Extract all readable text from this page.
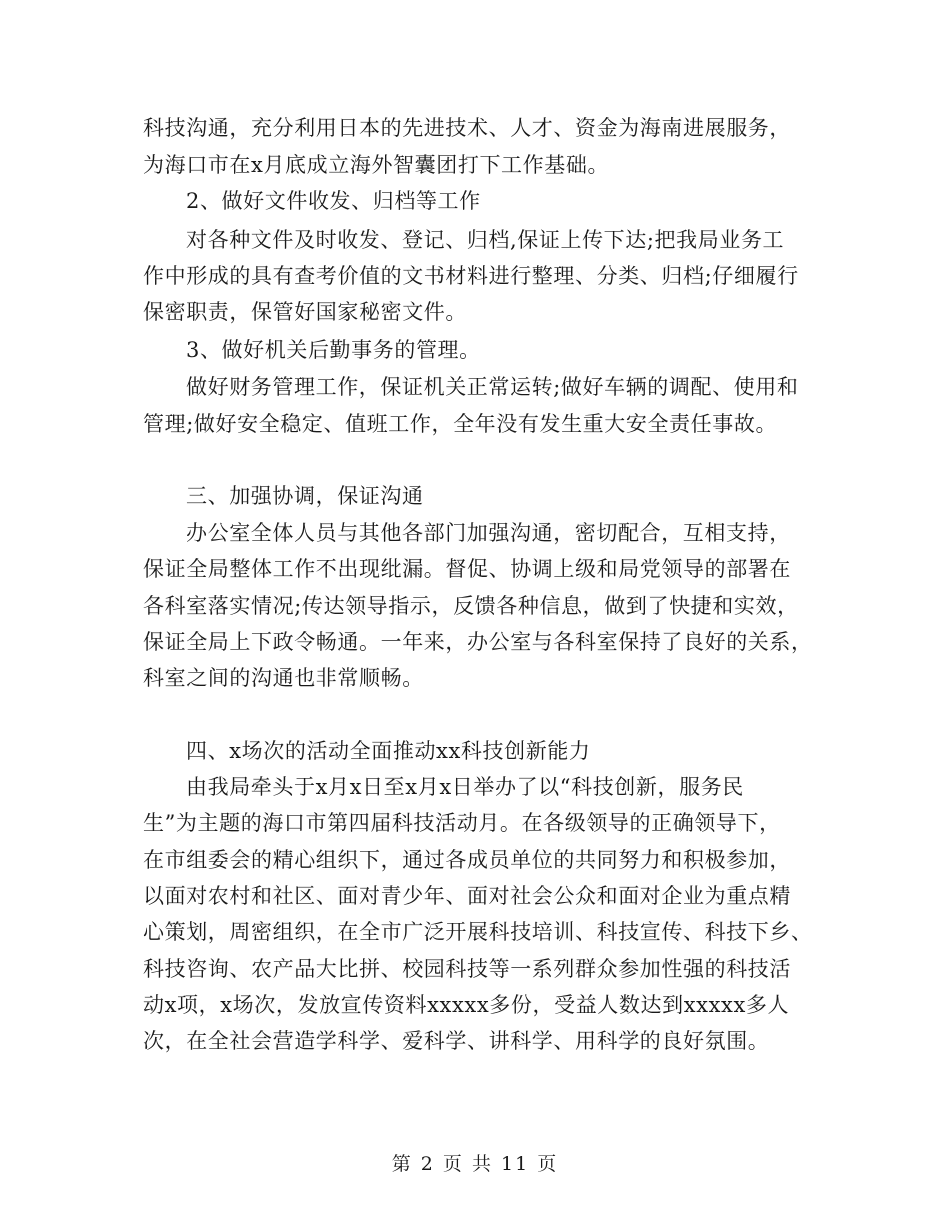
科技沟通，充分利用日本的先进技术、人才、资金为海南进展服务，
为海口市在x月底成立海外智囊团打下工作基础。
2、做好文件收发、归档等工作
对各种文件及时收发、登记、归档,保证上传下达;把我局业务工
作中形成的具有查考价值的文书材料进行整理、分类、归档;仔细履行
保密职责，保管好国家秘密文件。
3、做好机关后勤事务的管理。
做好财务管理工作，保证机关正常运转;做好车辆的调配、使用和
管理;做好安全稳定、值班工作，全年没有发生重大安全责任事故。
三、加强协调，保证沟通
办公室全体人员与其他各部门加强沟通，密切配合，互相支持，
保证全局整体工作不出现纰漏。督促、协调上级和局党领导的部署在
各科室落实情况;传达领导指示，反馈各种信息，做到了快捷和实效，
保证全局上下政令畅通。一年来，办公室与各科室保持了良好的关系，
科室之间的沟通也非常顺畅。
四、x场次的活动全面推动xx科技创新能力
由我局牵头于x月x日至x月x日举办了以“科技创新，服务民
生”为主题的海口市第四届科技活动月。在各级领导的正确领导下，
在市组委会的精心组织下，通过各成员单位的共同努力和积极参加，
以面对农村和社区、面对青少年、面对社会公众和面对企业为重点精
心策划，周密组织，在全市广泛开展科技培训、科技宣传、科技下乡、
科技咨询、农产品大比拼、校园科技等一系列群众参加性强的科技活
动x项，x场次，发放宣传资料xxxxx多份，受益人数达到xxxxx多人
次，在全社会营造学科学、爱科学、讲科学、用科学的良好氛围。
第 2 页 共 11 页
